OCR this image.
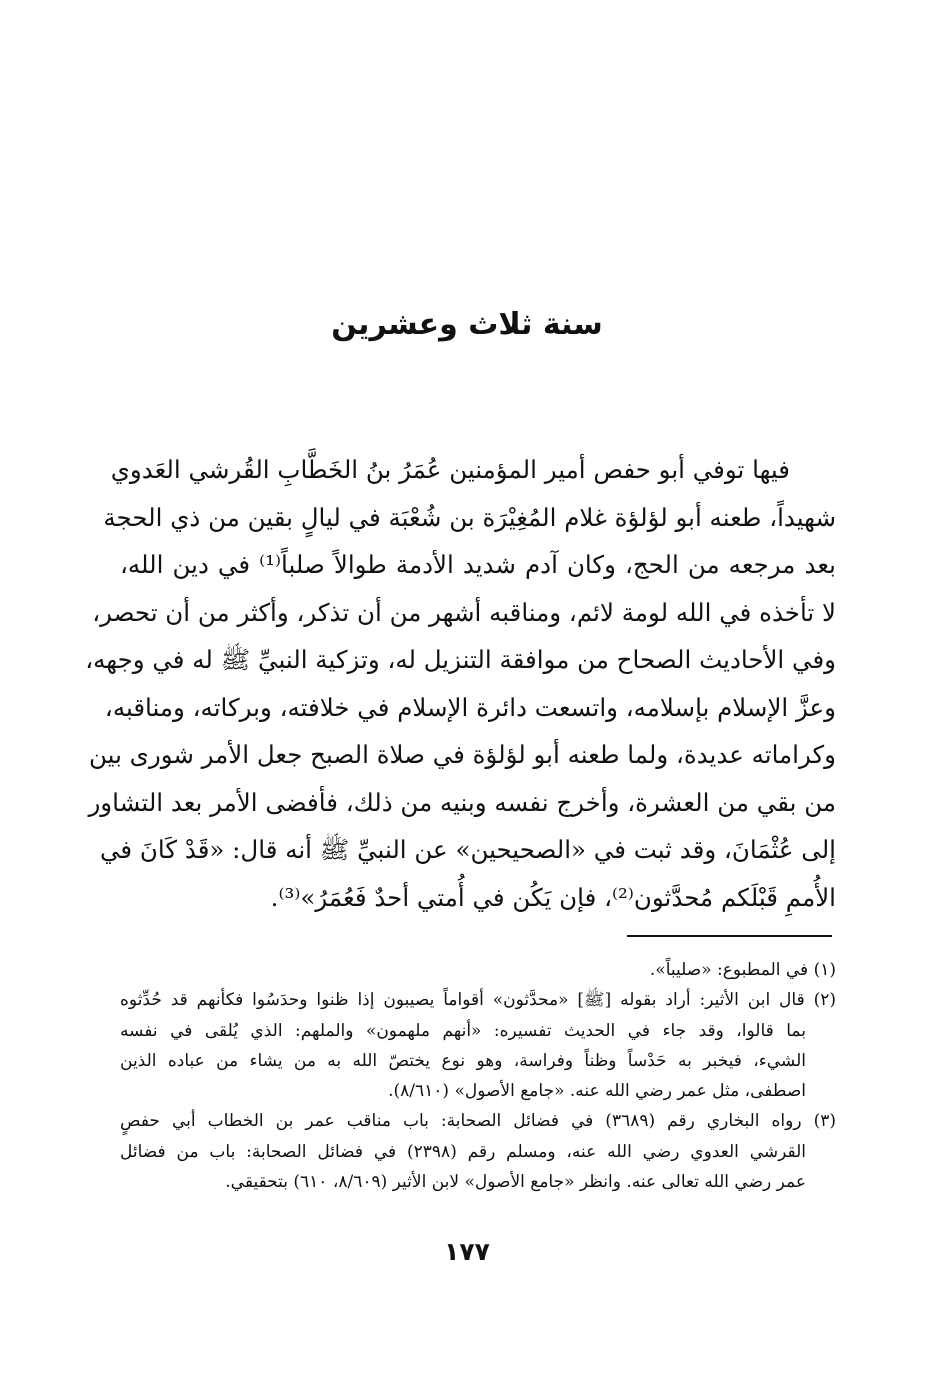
سنة ثلاث وعشرين
فيها توفي أبو حفص أمير المؤمنين عُمَرُ بنُ الخَطَّابِ القُرشي العَدوي
شهيداً، طعنه أبو لؤلؤة غلام المُغِيْرَة بن شُعْبَة في ليالٍ بقين من ذي الحجة
بعد مرجعه من الحج، وكان آدم شديد الأدمة طوالاً صلباً⁽¹⁾ في دين الله،
لا تأخذه في الله لومة لائم، ومناقبه أشهر من أن تذكر، وأكثر من أن تحصر،
وفي الأحاديث الصحاح من موافقة التنزيل له، وتزكية النبيِّ ﷺ له في وجهه،
وعزَّ الإسلام بإسلامه، واتسعت دائرة الإسلام في خلافته، وبركاته، ومناقبه،
وكراماته عديدة، ولما طعنه أبو لؤلؤة في صلاة الصبح جعل الأمر شورى بين
من بقي من العشرة، وأخرج نفسه وبنيه من ذلك، فأفضى الأمر بعد التشاور
إلى عُثْمَانَ، وقد ثبت في «الصحيحين» عن النبيِّ ﷺ أنه قال: «قَدْ كَانَ في
الأُممِ قَبْلَكم مُحدَّثون⁽²⁾، فإن يَكُن في أُمتي أحدٌ فَعُمَرُ»⁽³⁾.
(١) في المطبوع: «صليباً».
(٢) قال ابن الأثير: أراد بقوله [ﷺ] «محدَّثون» أقواماً يصيبون إذا ظنوا وحدَسُوا فكأنهم قد حُدِّثوه
بما قالوا، وقد جاء في الحديث تفسيره: «أنهم ملهمون» والملهم: الذي يُلقى في نفسه
الشيء، فيخبر به حَدْساً وظناً وفراسة، وهو نوع يختصّ الله به من يشاء من عباده الذين
اصطفى، مثل عمر رضي الله عنه. «جامع الأصول» (٨/٦١٠).
(٣) رواه البخاري رقم (٣٦٨٩) في فضائل الصحابة: باب مناقب عمر بن الخطاب أبي حفصٍ
القرشي العدوي رضي الله عنه، ومسلم رقم (٢٣٩٨) في فضائل الصحابة: باب من فضائل
عمر رضي الله تعالى عنه. وانظر «جامع الأصول» لابن الأثير (٨/٦٠٩، ٦١٠) بتحقيقي.
١٧٧
